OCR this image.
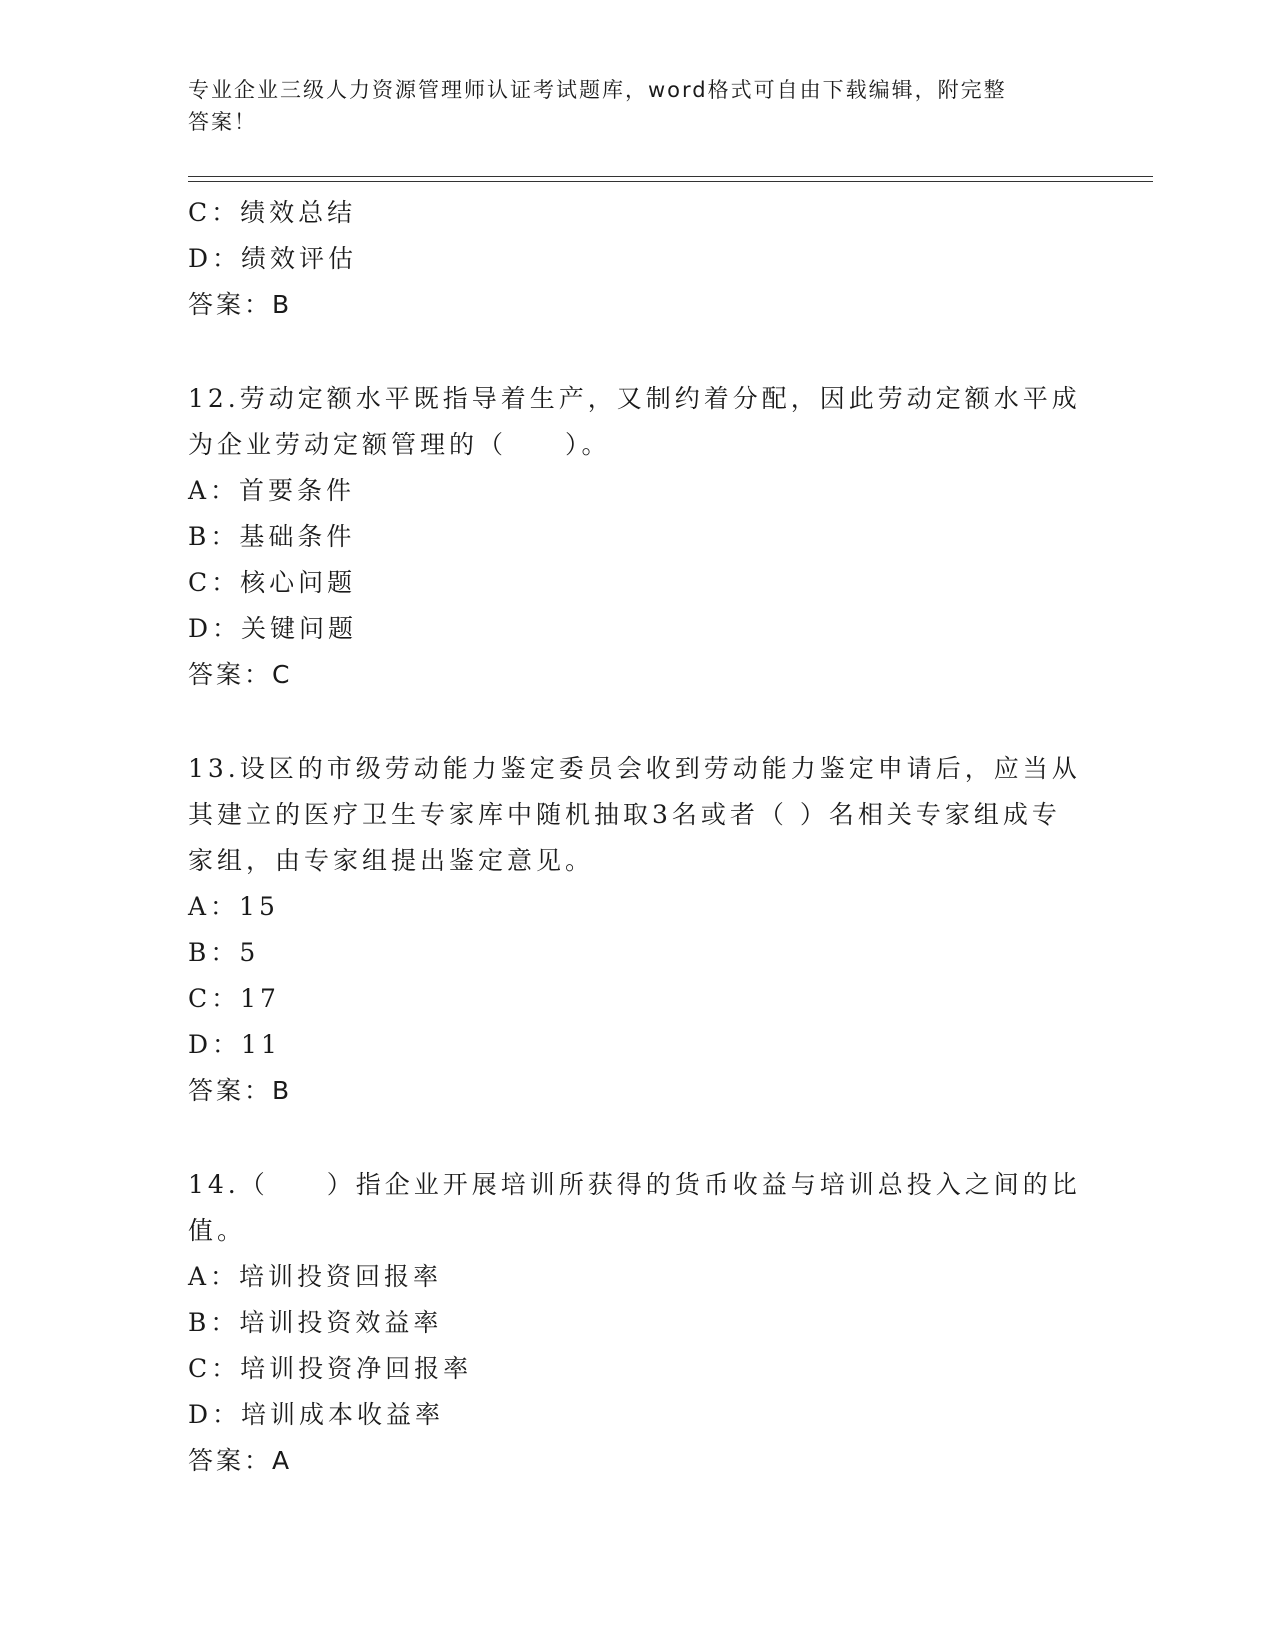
专业企业三级人力资源管理师认证考试题库，word格式可自由下载编辑，附完整
答案！
C：绩效总结
D：绩效评估
答案：B
12.劳动定额水平既指导着生产，又制约着分配，因此劳动定额水平成
为企业劳动定额管理的（　　）。
A：首要条件
B：基础条件
C：核心问题
D：关键问题
答案：C
13.设区的市级劳动能力鉴定委员会收到劳动能力鉴定申请后，应当从
其建立的医疗卫生专家库中随机抽取3名或者（ ）名相关专家组成专
家组，由专家组提出鉴定意见。
A：15
B：5
C：17
D：11
答案：B
14.（　　）指企业开展培训所获得的货币收益与培训总投入之间的比
值。
A：培训投资回报率
B：培训投资效益率
C：培训投资净回报率
D：培训成本收益率
答案：A
